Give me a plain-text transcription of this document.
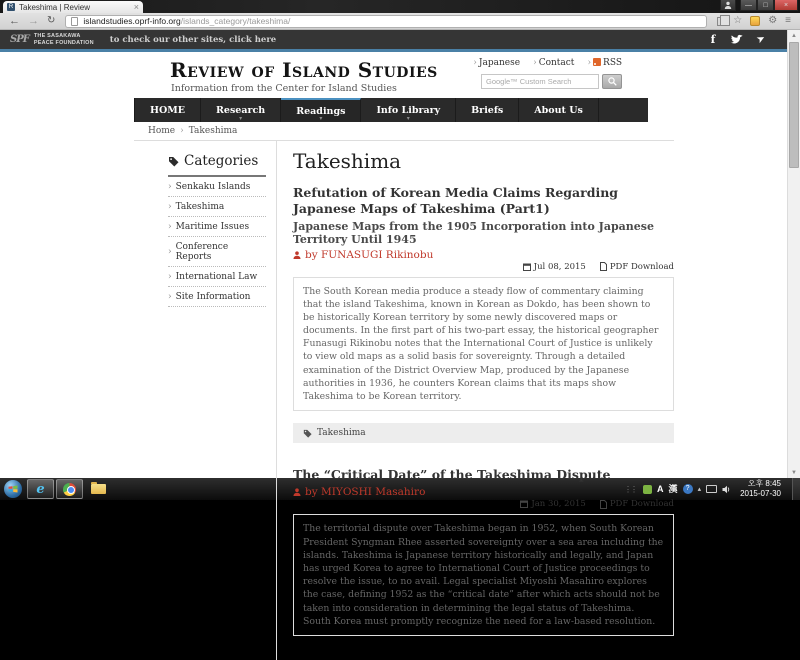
R Takeshima | Review	×	—	□	×
← → ↻	islandstudies.oprf-info.org /islands_category/takeshima/	☆	⚙ ≡
▲
▼
SPF THE SASAKAWA
PEACE FOUNDATION to check our other sites, click here	f	➤
Review of Island Studies
Information from the Center for Island Studies
› Japanese › Contact › RSS
Google™ Custom Search
HOME	Research
▾
Readings
▾
Info Library
▾
Briefs	About Us
Home › Takeshima
Categories
› Senkaku Islands
› Takeshima
› Maritime Issues
› Conference Reports
› International Law
› Site Information
Takeshima
Refutation of Korean Media Claims Regarding Japanese Maps of Takeshima (Part1)
Japanese Maps from the 1905 Incorporation into Japanese Territory Until 1945
by FUNASUGI Rikinobu
Jul 08, 2015	PDF Download
The South Korean media produce a steady flow of commentary claiming that the island Takeshima, known in Korean as Dokdo, has been shown to be historically Korean territory by some newly discovered maps or documents. In the first part of his two-part essay, the historical geographer Funasugi Rikinobu notes that the International Court of Justice is unlikely to view old maps as a solid basis for sovereignty. Through a detailed examination of the District Overview Map, produced by the Japanese authorities in 1936, he counters Korean claims that its maps show Takeshima to be Korean territory.
Takeshima
The “Critical Date” of the Takeshima Dispute
by MIYOSHI Masahiro
Jan 30, 2015	PDF Download
The territorial dispute over Takeshima began in 1952, when South Korean President Syngman Rhee asserted sovereignty over a sea area including the islands. Takeshima is Japanese territory historically and legally, and Japan has urged Korea to agree to International Court of Justice proceedings to resolve the issue, to no avail. Legal specialist Miyoshi Masahiro explores the case, defining 1952 as the “critical date” after which acts should not be taken into consideration in determining the legal status of Takeshima. South Korea must promptly recognize the need for a law-based resolution.
e	⋮⋮ A 漢	?	▴
오후 8:45
2015-07-30
